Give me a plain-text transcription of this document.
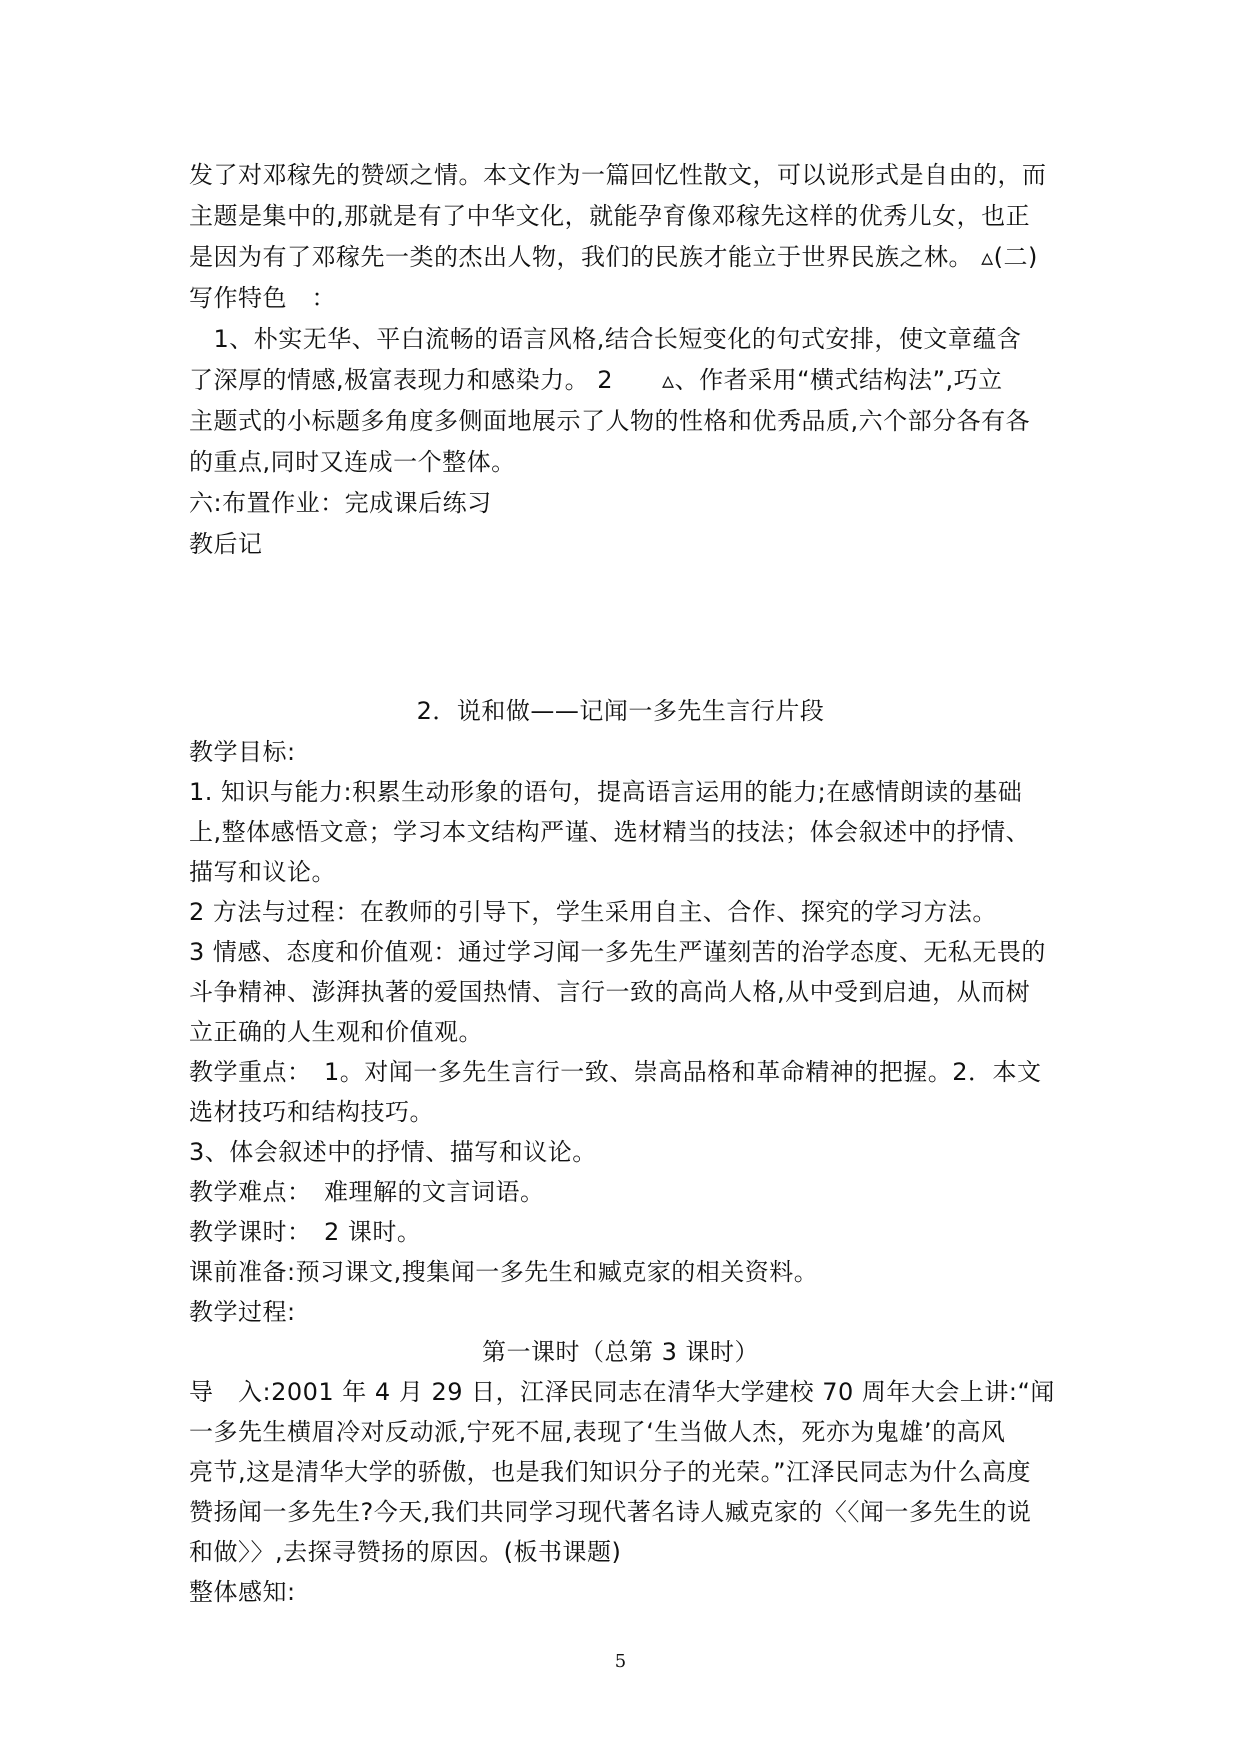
发了对邓稼先的赞颂之情。本文作为一篇回忆性散文，可以说形式是自由的，而
主题是集中的,那就是有了中华文化，就能孕育像邓稼先这样的优秀儿女，也正
是因为有了邓稼先一类的杰出人物，我们的民族才能立于世界民族之林。 ▵(二)
写作特色　：
　1、朴实无华、平白流畅的语言风格,结合长短变化的句式安排，使文章蕴含
了深厚的情感,极富表现力和感染力。 2　　▵、作者采用“横式结构法”,巧立
主题式的小标题多角度多侧面地展示了人物的性格和优秀品质,六个部分各有各
的重点,同时又连成一个整体。
六:布置作业：完成课后练习
教后记
2．说和做——记闻一多先生言行片段
教学目标:
1. 知识与能力:积累生动形象的语句，提高语言运用的能力;在感情朗读的基础
上,整体感悟文意；学习本文结构严谨、选材精当的技法；体会叙述中的抒情、
描写和议论。
2 方法与过程：在教师的引导下，学生采用自主、合作、探究的学习方法。
3 情感、态度和价值观：通过学习闻一多先生严谨刻苦的治学态度、无私无畏的
斗争精神、澎湃执著的爱国热情、言行一致的高尚人格,从中受到启迪，从而树
立正确的人生观和价值观。
教学重点：　1。对闻一多先生言行一致、崇高品格和革命精神的把握。2．本文
选材技巧和结构技巧。
3、体会叙述中的抒情、描写和议论。
教学难点：　难理解的文言词语。
教学课时：　2 课时。
课前准备:预习课文,搜集闻一多先生和臧克家的相关资料。
教学过程:
第一课时（总第 3 课时）
导　入:2001 年 4 月 29 日，江泽民同志在清华大学建校 70 周年大会上讲:“闻
一多先生横眉冷对反动派,宁死不屈,表现了‘生当做人杰，死亦为鬼雄’的高风
亮节,这是清华大学的骄傲，也是我们知识分子的光荣。”江泽民同志为什么高度
赞扬闻一多先生?今天,我们共同学习现代著名诗人臧克家的〈〈闻一多先生的说
和做〉〉,去探寻赞扬的原因。(板书课题)
整体感知:
5
